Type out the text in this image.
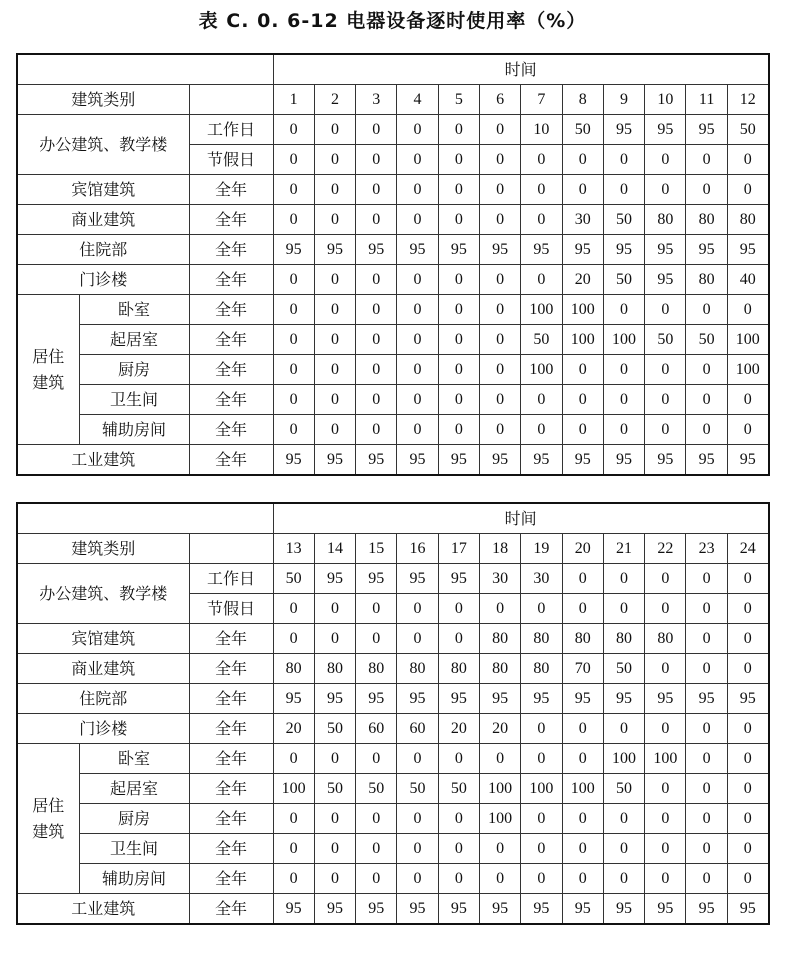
表 C. 0. 6-12 电器设备逐时使用率（%）
			时间											
建筑类别			1	2	3	4	5	6	7	8	9	10	11	12
办公建筑、教学楼		工作日	0	0	0	0	0	0	10	50	95	95	95	50
		节假日	0	0	0	0	0	0	0	0	0	0	0	0
宾馆建筑		全年	0	0	0	0	0	0	0	0	0	0	0	0
商业建筑		全年	0	0	0	0	0	0	0	30	50	80	80	80
住院部		全年	95	95	95	95	95	95	95	95	95	95	95	95
门诊楼		全年	0	0	0	0	0	0	0	20	50	95	80	40
居住
建筑	卧室	全年	0	0	0	0	0	0	100	100	0	0	0	0
	起居室	全年	0	0	0	0	0	0	50	100	100	50	50	100
	厨房	全年	0	0	0	0	0	0	100	0	0	0	0	100
	卫生间	全年	0	0	0	0	0	0	0	0	0	0	0	0
	辅助房间	全年	0	0	0	0	0	0	0	0	0	0	0	0
工业建筑		全年	95	95	95	95	95	95	95	95	95	95	95	95
			时间											
建筑类别			13	14	15	16	17	18	19	20	21	22	23	24
办公建筑、教学楼		工作日	50	95	95	95	95	30	30	0	0	0	0	0
		节假日	0	0	0	0	0	0	0	0	0	0	0	0
宾馆建筑		全年	0	0	0	0	0	80	80	80	80	80	0	0
商业建筑		全年	80	80	80	80	80	80	80	70	50	0	0	0
住院部		全年	95	95	95	95	95	95	95	95	95	95	95	95
门诊楼		全年	20	50	60	60	20	20	0	0	0	0	0	0
居住
建筑	卧室	全年	0	0	0	0	0	0	0	0	100	100	0	0
	起居室	全年	100	50	50	50	50	100	100	100	50	0	0	0
	厨房	全年	0	0	0	0	0	100	0	0	0	0	0	0
	卫生间	全年	0	0	0	0	0	0	0	0	0	0	0	0
	辅助房间	全年	0	0	0	0	0	0	0	0	0	0	0	0
工业建筑		全年	95	95	95	95	95	95	95	95	95	95	95	95
